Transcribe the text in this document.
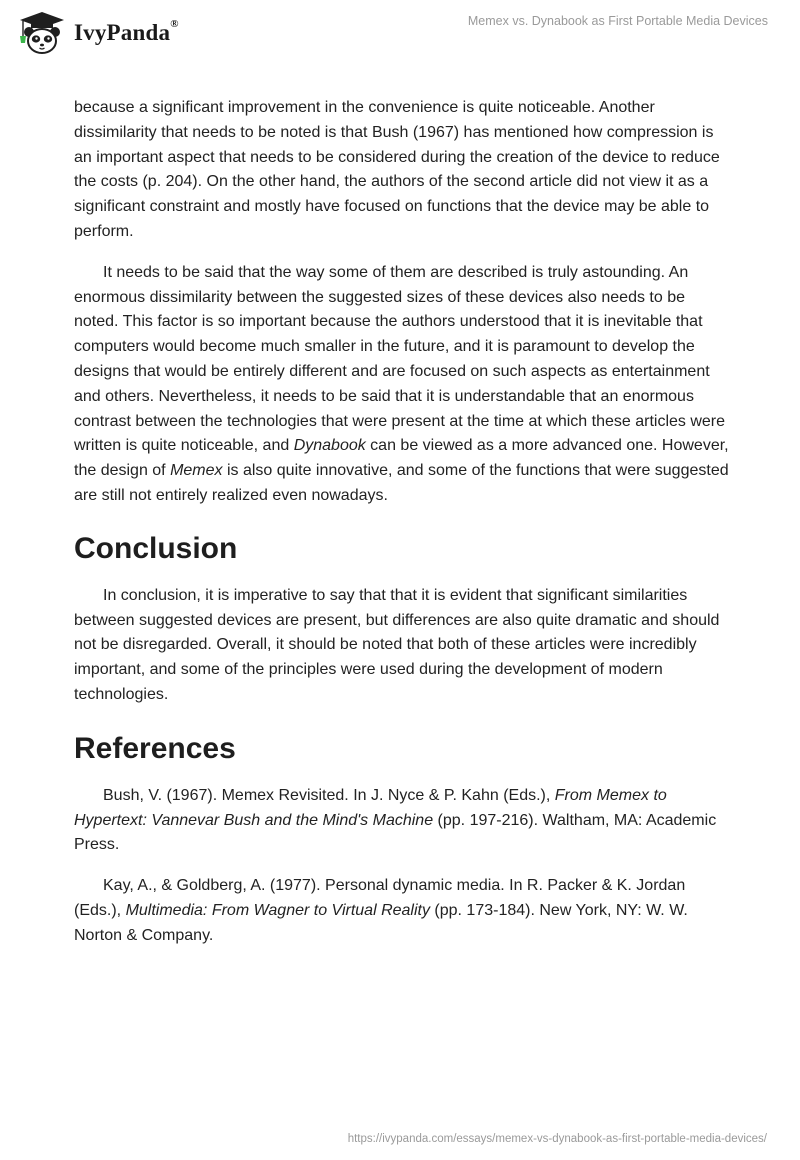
IvyPanda®	Memex vs. Dynabook as First Portable Media Devices

because a significant improvement in the convenience is quite noticeable. Another dissimilarity that needs to be noted is that Bush (1967) has mentioned how compression is an important aspect that needs to be considered during the creation of the device to reduce the costs (p. 204). On the other hand, the authors of the second article did not view it as a significant constraint and mostly have focused on functions that the device may be able to perform.

It needs to be said that the way some of them are described is truly astounding. An enormous dissimilarity between the suggested sizes of these devices also needs to be noted. This factor is so important because the authors understood that it is inevitable that computers would become much smaller in the future, and it is paramount to develop the designs that would be entirely different and are focused on such aspects as entertainment and others. Nevertheless, it needs to be said that it is understandable that an enormous contrast between the technologies that were present at the time at which these articles were written is quite noticeable, and Dynabook can be viewed as a more advanced one. However, the design of Memex is also quite innovative, and some of the functions that were suggested are still not entirely realized even nowadays.

Conclusion

In conclusion, it is imperative to say that that it is evident that significant similarities between suggested devices are present, but differences are also quite dramatic and should not be disregarded. Overall, it should be noted that both of these articles were incredibly important, and some of the principles were used during the development of modern technologies.

References

Bush, V. (1967). Memex Revisited. In J. Nyce & P. Kahn (Eds.), From Memex to Hypertext: Vannevar Bush and the Mind's Machine (pp. 197-216). Waltham, MA: Academic Press.

Kay, A., & Goldberg, A. (1977). Personal dynamic media. In R. Packer & K. Jordan (Eds.), Multimedia: From Wagner to Virtual Reality (pp. 173-184). New York, NY: W. W. Norton & Company.

https://ivypanda.com/essays/memex-vs-dynabook-as-first-portable-media-devices/
